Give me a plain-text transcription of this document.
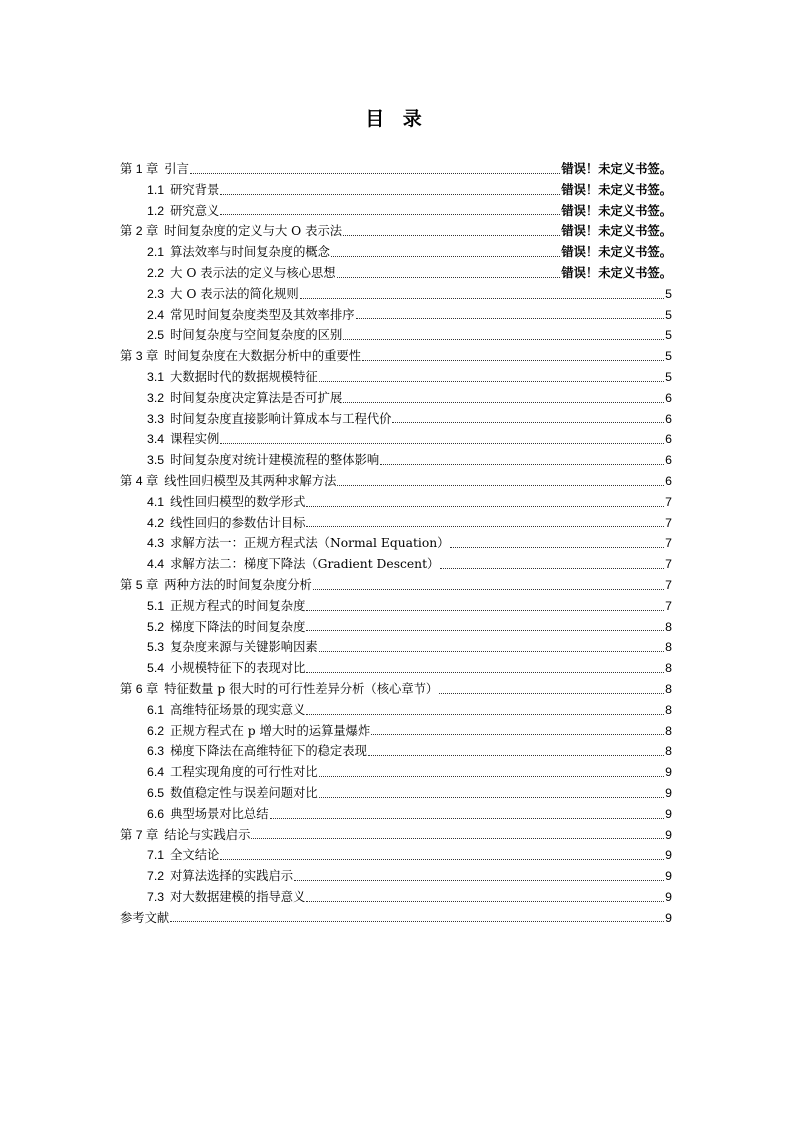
目 录
第 1 章 引言	错误！未定义书签。
1.1 研究背景	错误！未定义书签。
1.2 研究意义	错误！未定义书签。
第 2 章 时间复杂度的定义与大 O 表示法	错误！未定义书签。
2.1 算法效率与时间复杂度的概念	错误！未定义书签。
2.2 大 O 表示法的定义与核心思想	错误！未定义书签。
2.3 大 O 表示法的简化规则	5
2.4 常见时间复杂度类型及其效率排序	5
2.5 时间复杂度与空间复杂度的区别	5
第 3 章 时间复杂度在大数据分析中的重要性	5
3.1 大数据时代的数据规模特征	5
3.2 时间复杂度决定算法是否可扩展	6
3.3 时间复杂度直接影响计算成本与工程代价	6
3.4 课程实例	6
3.5 时间复杂度对统计建模流程的整体影响	6
第 4 章 线性回归模型及其两种求解方法	6
4.1 线性回归模型的数学形式	7
4.2 线性回归的参数估计目标	7
4.3 求解方法一：正规方程式法（Normal Equation）	7
4.4 求解方法二：梯度下降法（Gradient Descent）	7
第 5 章 两种方法的时间复杂度分析	7
5.1 正规方程式的时间复杂度	7
5.2 梯度下降法的时间复杂度	8
5.3 复杂度来源与关键影响因素	8
5.4 小规模特征下的表现对比	8
第 6 章 特征数量 p 很大时的可行性差异分析（核心章节）	8
6.1 高维特征场景的现实意义	8
6.2 正规方程式在 p 增大时的运算量爆炸	8
6.3 梯度下降法在高维特征下的稳定表现	8
6.4 工程实现角度的可行性对比	9
6.5 数值稳定性与误差问题对比	9
6.6 典型场景对比总结	9
第 7 章 结论与实践启示	9
7.1 全文结论	9
7.2 对算法选择的实践启示	9
7.3 对大数据建模的指导意义	9
参考文献	9
